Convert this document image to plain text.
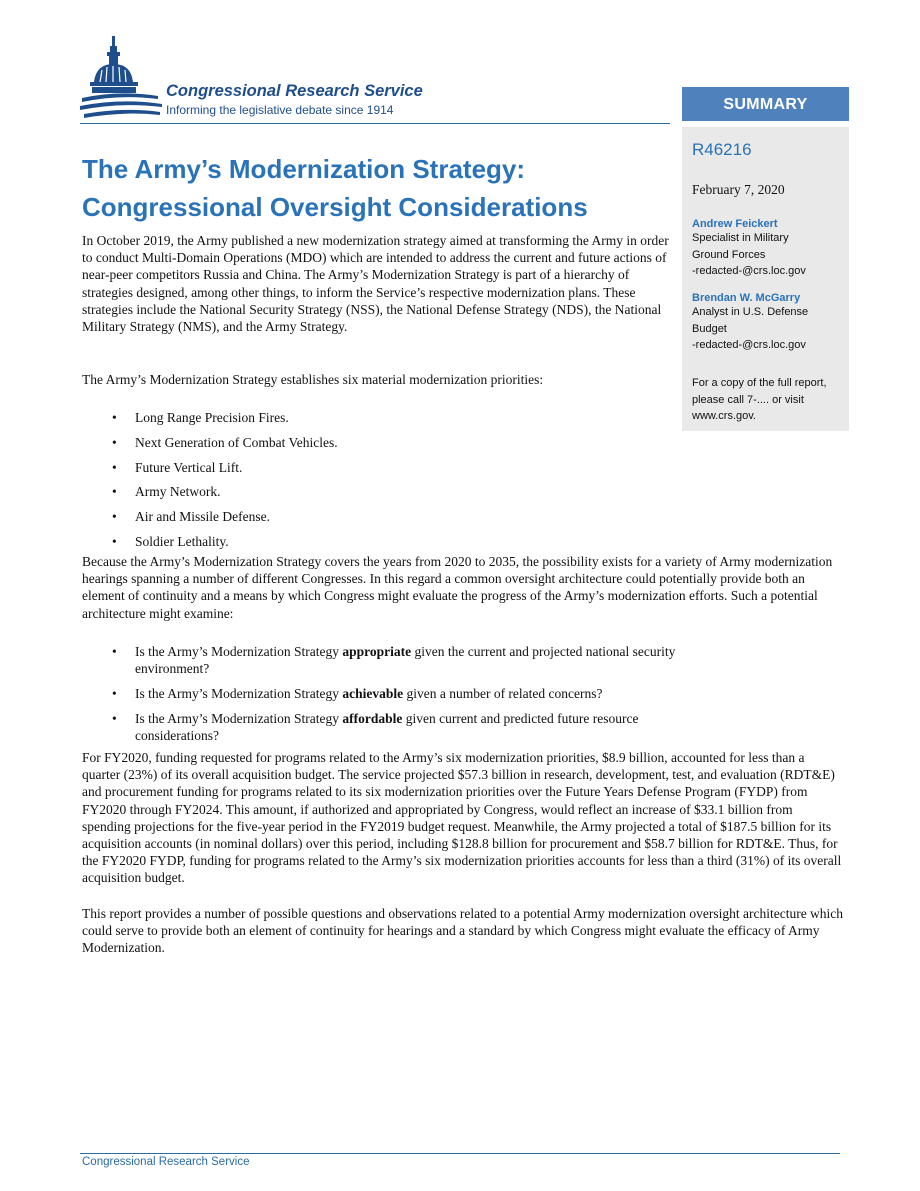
Congressional Research Service
Informing the legislative debate since 1914	SUMMARY
R46216
February 7, 2020
Andrew Feickert
Specialist in Military
Ground Forces
-redacted-@crs.loc.gov
Brendan W. McGarry
Analyst in U.S. Defense
Budget
-redacted-@crs.loc.gov
For a copy of the full report, please call 7-.... or visit www.crs.gov.
The Army’s Modernization Strategy:
Congressional Oversight Considerations
In October 2019, the Army published a new modernization strategy aimed at transforming the Army in order to conduct Multi-Domain Operations (MDO) which are intended to address the current and future actions of near-peer competitors Russia and China. The Army’s Modernization Strategy is part of a hierarchy of strategies designed, among other things, to inform the Service’s respective modernization plans. These strategies include the National Security Strategy (NSS), the National Defense Strategy (NDS), the National Military Strategy (NMS), and the Army Strategy.
The Army’s Modernization Strategy establishes six material modernization priorities:
• Long Range Precision Fires.
• Next Generation of Combat Vehicles.
• Future Vertical Lift.
• Army Network.
• Air and Missile Defense.
• Soldier Lethality.
Because the Army’s Modernization Strategy covers the years from 2020 to 2035, the possibility exists for a variety of Army modernization hearings spanning a number of different Congresses. In this regard a common oversight architecture could potentially provide both an element of continuity and a means by which Congress might evaluate the progress of the Army’s modernization efforts. Such a potential architecture might examine:
• Is the Army’s Modernization Strategy appropriate given the current and projected national security environment?
• Is the Army’s Modernization Strategy achievable given a number of related concerns?
• Is the Army’s Modernization Strategy affordable given current and predicted future resource considerations?
For FY2020, funding requested for programs related to the Army’s six modernization priorities, $8.9 billion, accounted for less than a quarter (23%) of its overall acquisition budget. The service projected $57.3 billion in research, development, test, and evaluation (RDT&E) and procurement funding for programs related to its six modernization priorities over the Future Years Defense Program (FYDP) from FY2020 through FY2024. This amount, if authorized and appropriated by Congress, would reflect an increase of $33.1 billion from spending projections for the five-year period in the FY2019 budget request. Meanwhile, the Army projected a total of $187.5 billion for its acquisition accounts (in nominal dollars) over this period, including $128.8 billion for procurement and $58.7 billion for RDT&E. Thus, for the FY2020 FYDP, funding for programs related to the Army’s six modernization priorities accounts for less than a third (31%) of its overall acquisition budget.
This report provides a number of possible questions and observations related to a potential Army modernization oversight architecture which could serve to provide both an element of continuity for hearings and a standard by which Congress might evaluate the efficacy of Army Modernization.
Congressional Research Service
